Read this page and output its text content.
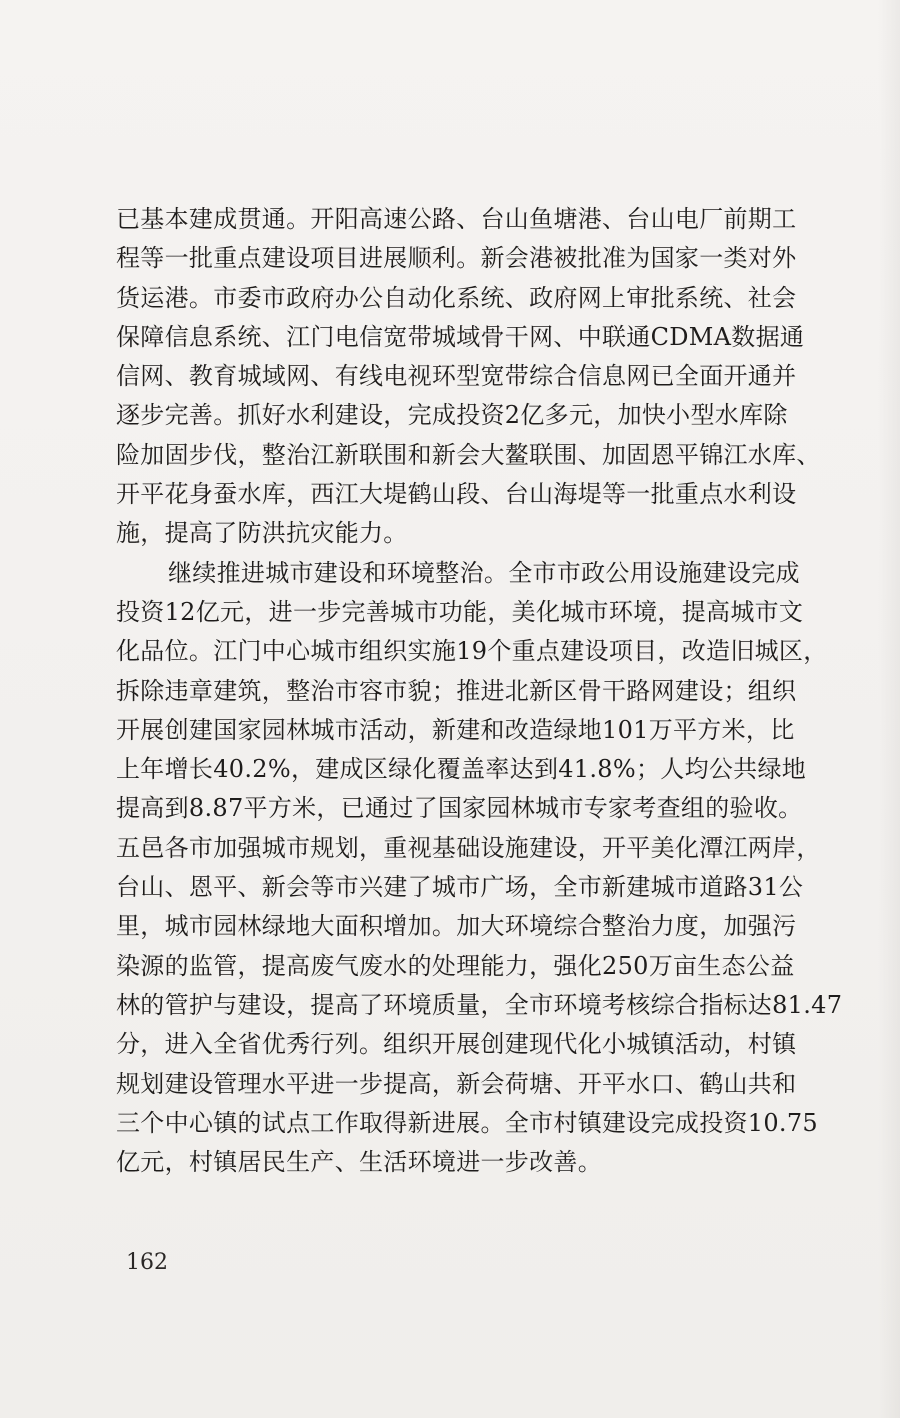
已基本建成贯通。开阳高速公路、台山鱼塘港、台山电厂前期工
程等一批重点建设项目进展顺利。新会港被批准为国家一类对外
货运港。市委市政府办公自动化系统、政府网上审批系统、社会
保障信息系统、江门电信宽带城域骨干网、中联通CDMA数据通
信网、教育城域网、有线电视环型宽带综合信息网已全面开通并
逐步完善。抓好水利建设，完成投资2亿多元，加快小型水库除
险加固步伐，整治江新联围和新会大鳌联围、加固恩平锦江水库、
开平花身蚕水库，西江大堤鹤山段、台山海堤等一批重点水利设
施，提高了防洪抗灾能力。
继续推进城市建设和环境整治。全市市政公用设施建设完成
投资12亿元，进一步完善城市功能，美化城市环境，提高城市文
化品位。江门中心城市组织实施19个重点建设项目，改造旧城区，
拆除违章建筑，整治市容市貌；推进北新区骨干路网建设；组织
开展创建国家园林城市活动，新建和改造绿地101万平方米，比
上年增长40.2%，建成区绿化覆盖率达到41.8%；人均公共绿地
提高到8.87平方米，已通过了国家园林城市专家考查组的验收。
五邑各市加强城市规划，重视基础设施建设，开平美化潭江两岸，
台山、恩平、新会等市兴建了城市广场，全市新建城市道路31公
里，城市园林绿地大面积增加。加大环境综合整治力度，加强污
染源的监管，提高废气废水的处理能力，强化250万亩生态公益
林的管护与建设，提高了环境质量，全市环境考核综合指标达81.47
分，进入全省优秀行列。组织开展创建现代化小城镇活动，村镇
规划建设管理水平进一步提高，新会荷塘、开平水口、鹤山共和
三个中心镇的试点工作取得新进展。全市村镇建设完成投资10.75
亿元，村镇居民生产、生活环境进一步改善。
162
